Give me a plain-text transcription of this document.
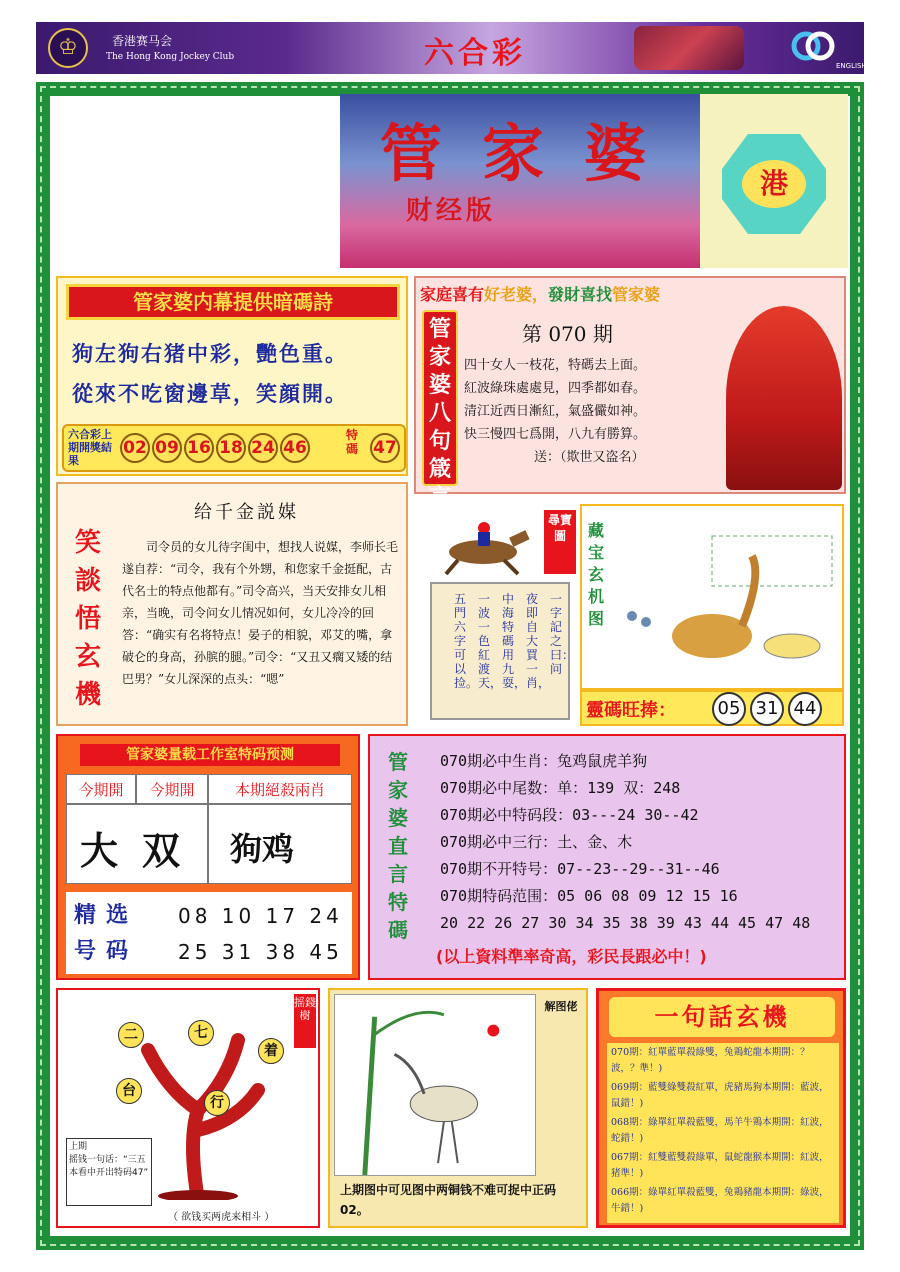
♔	香港赛马会
The Hong Kong Jockey Club	六合彩	ENGLISH
管家婆
财经版
港
管家婆内幕提供暗碼詩
狗左狗右猪中彩，艷色重。
從來不吃窗邊草，笑顔開。
六合彩上期開獎結果
02 09 16 18 24 46
特碼 47
家庭喜有好老婆，發財喜找管家婆
管家婆八句箴言
第 070 期
四十女人一枝花，特碼去上面。
紅波綠珠處處見，四季都如春。
清江近西日漸紅，氣盛儼如神。
快三慢四七爲開，八九有勝算。
送：（欺世又盗名）
笑談悟玄機
给千金説媒
司令员的女儿待字闺中，想找人说媒，李师长毛遂自荐：“司令，我有个外甥，和您家千金挺配，古代名士的特点他都有。”司令高兴，当天安排女儿相亲，当晚，司令问女儿情况如何，女儿冷冷的回答：“确实有名将特点！晏子的相貌，邓艾的嘴，拿破仑的身高，孙膑的腿。”司令：“又丑又瘸又矮的结巴男？”女儿深深的点头：“嗯”
一字記之曰：问
夜即自大買一肖，
中海特碼用九耍，
一波一色紅渡天，
五門六字可以捡。
尋寶圖	藏宝玄机图
靈碼旺捧：	05 31 44
管家婆量载工作室特码预测
今期開	今期開	本期絕殺兩肖
大 双 狗鸡
精选号码
08 10 17 24
25 31 38 45
管家婆直言特碼
070期必中生肖：兔鸡鼠虎羊狗
070期必中尾数：单：139 双：248
070期必中特码段：03---24 30--42
070期必中三行：土、金、木
070期不开特号：07--23--29--31--46
070期特码范围：05 06 08 09 12 15 16
20 22 26 27 30 34 35 38 39 43 44 45 47 48
(以上資料準率奇高，彩民長跟必中！)
二	七
着
台
行
摇錢樹
上期
摇钱一句话：“三五本看中开出特码47”
（ 欲钱买两虎来相斗 ）
解图佬
上期图中可见图中两铜钱不难可捉中正码02。
一句話玄機
070期：紅單藍單殺綠雙，兔鶏蛇龍本期開：？波，？準！)
069期：藍雙綠雙殺紅單，虎豬馬狗本期開：藍波，鼠錯！)
068期：綠單紅單殺藍雙，馬羊牛鶏本期開：紅波，蛇錯！)
067期：紅雙藍雙殺綠單，鼠蛇龍猴本期開：紅波，猪準！)
066期：綠單紅單殺藍雙，兔鶏豬龍本期開：綠波，牛錯！)
